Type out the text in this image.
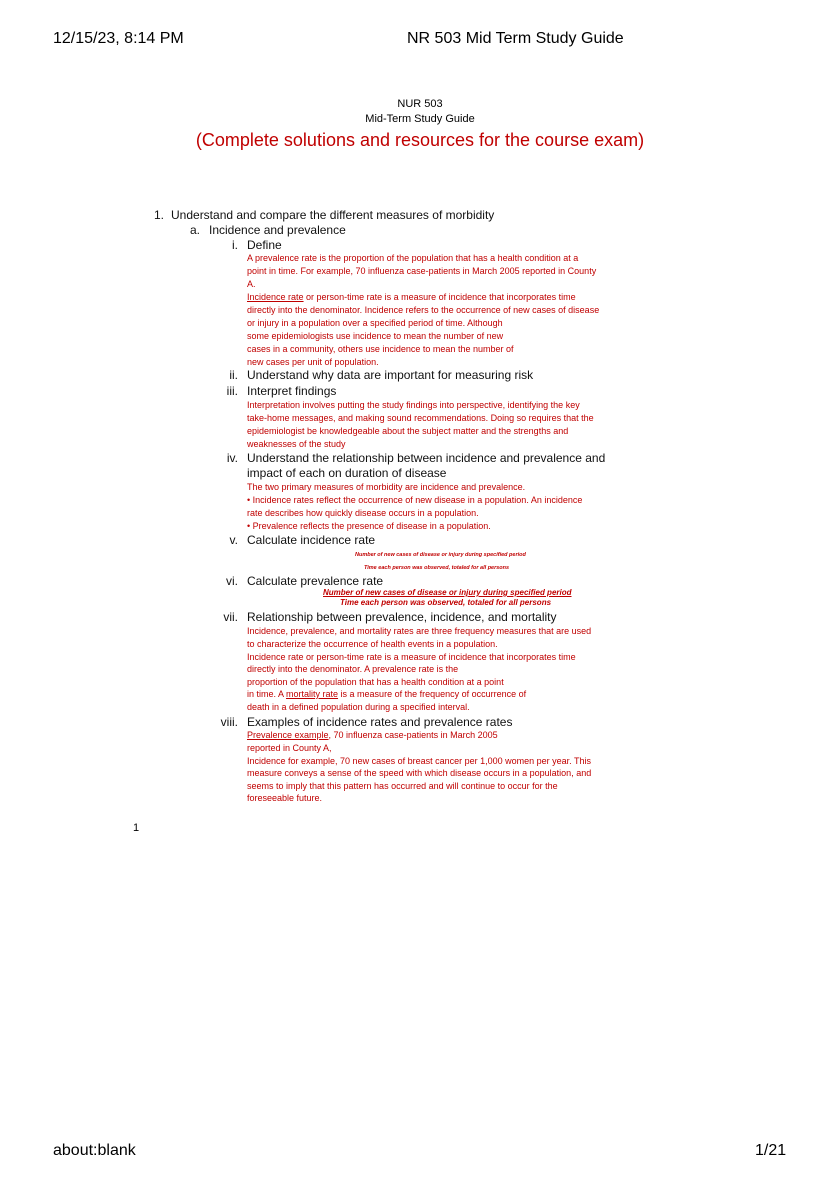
12/15/23, 8:14 PM	NR 503 Mid Term Study Guide
NUR 503
Mid-Term Study Guide
(Complete solutions and resources for the course exam)
1. Understand and compare the different measures of morbidity
a. Incidence and prevalence
i. Define
A prevalence rate is the proportion of the population that has a health condition at a
point in time. For example, 70 influenza case-patients in March 2005 reported in County
A.
Incidence rate or person-time rate is a measure of incidence that incorporates time
directly into the denominator. Incidence refers to the occurrence of new cases of disease
or injury in a population over a specified period of time. Although
some epidemiologists use incidence to mean the number of new
cases in a community, others use incidence to mean the number of
new cases per unit of population.
ii. Understand why data are important for measuring risk
iii. Interpret findings
Interpretation involves putting the study findings into perspective, identifying the key
take-home messages, and making sound recommendations. Doing so requires that the
epidemiologist be knowledgeable about the subject matter and the strengths and
weaknesses of the study
iv. Understand the relationship between incidence and prevalence and
impact of each on duration of disease
The two primary measures of morbidity are incidence and prevalence.
• Incidence rates reflect the occurrence of new disease in a population. An incidence
rate describes how quickly disease occurs in a population.
• Prevalence reflects the presence of disease in a population.
v. Calculate incidence rate
Number of new cases of disease or injury during specified period
Time each person was observed, totaled for all persons
vi. Calculate prevalence rate
Number of new cases of disease or injury during specified period
Time each person was observed, totaled for all persons
vii. Relationship between prevalence, incidence, and mortality
Incidence, prevalence, and mortality rates are three frequency measures that are used
to characterize the occurrence of health events in a population.
Incidence rate or person-time rate is a measure of incidence that incorporates time
directly into the denominator. A prevalence rate is the
proportion of the population that has a health condition at a point
in time. A mortality rate is a measure of the frequency of occurrence of
death in a defined population during a specified interval.
viii. Examples of incidence rates and prevalence rates
Prevalence example, 70 influenza case-patients in March 2005
reported in County A,
Incidence for example, 70 new cases of breast cancer per 1,000 women per year. This
measure conveys a sense of the speed with which disease occurs in a population, and
seems to imply that this pattern has occurred and will continue to occur for the
foreseeable future.
1
about:blank	1/21
